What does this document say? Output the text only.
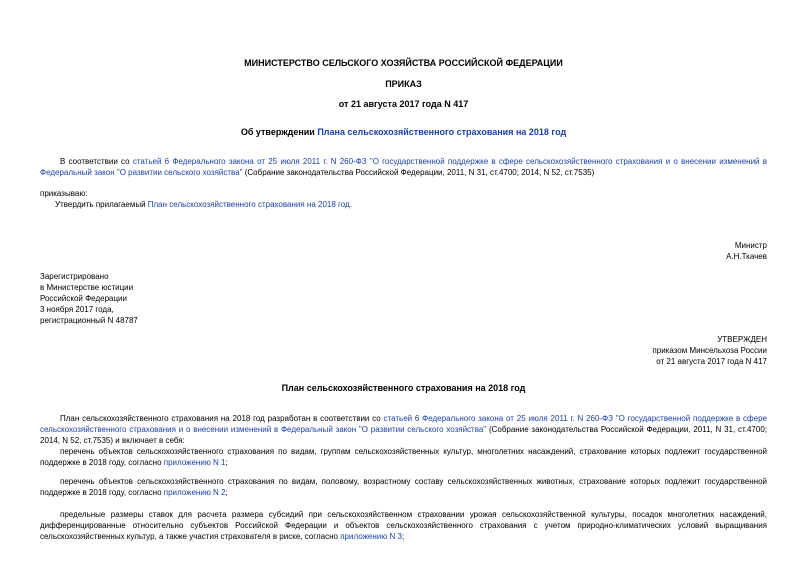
МИНИСТЕРСТВО СЕЛЬСКОГО ХОЗЯЙСТВА РОССИЙСКОЙ ФЕДЕРАЦИИ
ПРИКАЗ
от 21 августа 2017 года N 417
Об утверждении Плана сельскохозяйственного страхования на 2018 год
В соответствии со статьей 6 Федерального закона от 25 июля 2011 г. N 260-ФЗ "О государственной поддержке в сфере сельскохозяйственного страхования и о внесении изменений в Федеральный закон "О развитии сельского хозяйства" (Собрание законодательства Российской Федерации, 2011, N 31, ст.4700; 2014, N 52, ст.7535)
приказываю:
Утвердить прилагаемый План сельскохозяйственного страхования на 2018 год.
Министр
А.Н.Ткачев
Зарегистрировано
в Министерстве юстиции
Российской Федерации
3 ноября 2017 года,
регистрационный N 48787
УТВЕРЖДЕН
приказом Минсельхоза России
от 21 августа 2017 года N 417
План сельскохозяйственного страхования на 2018 год
План сельскохозяйственного страхования на 2018 год разработан в соответствии со статьей 6 Федерального закона от 25 июля 2011 г. N 260-ФЗ "О государственной поддержке в сфере сельскохозяйственного страхования и о внесении изменений в Федеральный закон "О развитии сельского хозяйства" (Собрание законодательства Российской Федерации, 2011, N 31, ст.4700; 2014, N 52, ст.7535) и включает в себя:
перечень объектов сельскохозяйственного страхования по видам, группам сельскохозяйственных культур, многолетних насаждений, страхование которых подлежит государственной поддержке в 2018 году, согласно приложению N 1;
перечень объектов сельскохозяйственного страхования по видам, половому, возрастному составу сельскохозяйственных животных, страхование которых подлежит государственной поддержке в 2018 году, согласно приложению N 2;
предельные размеры ставок для расчета размера субсидий при сельскохозяйственном страховании урожая сельскохозяйственной культуры, посадок многолетних насаждений, дифференцированные относительно субъектов Российской Федерации и объектов сельскохозяйственного страхования с учетом природно-климатических условий выращивания сельскохозяйственных культур, а также участия страхователя в риске, согласно приложению N 3;
